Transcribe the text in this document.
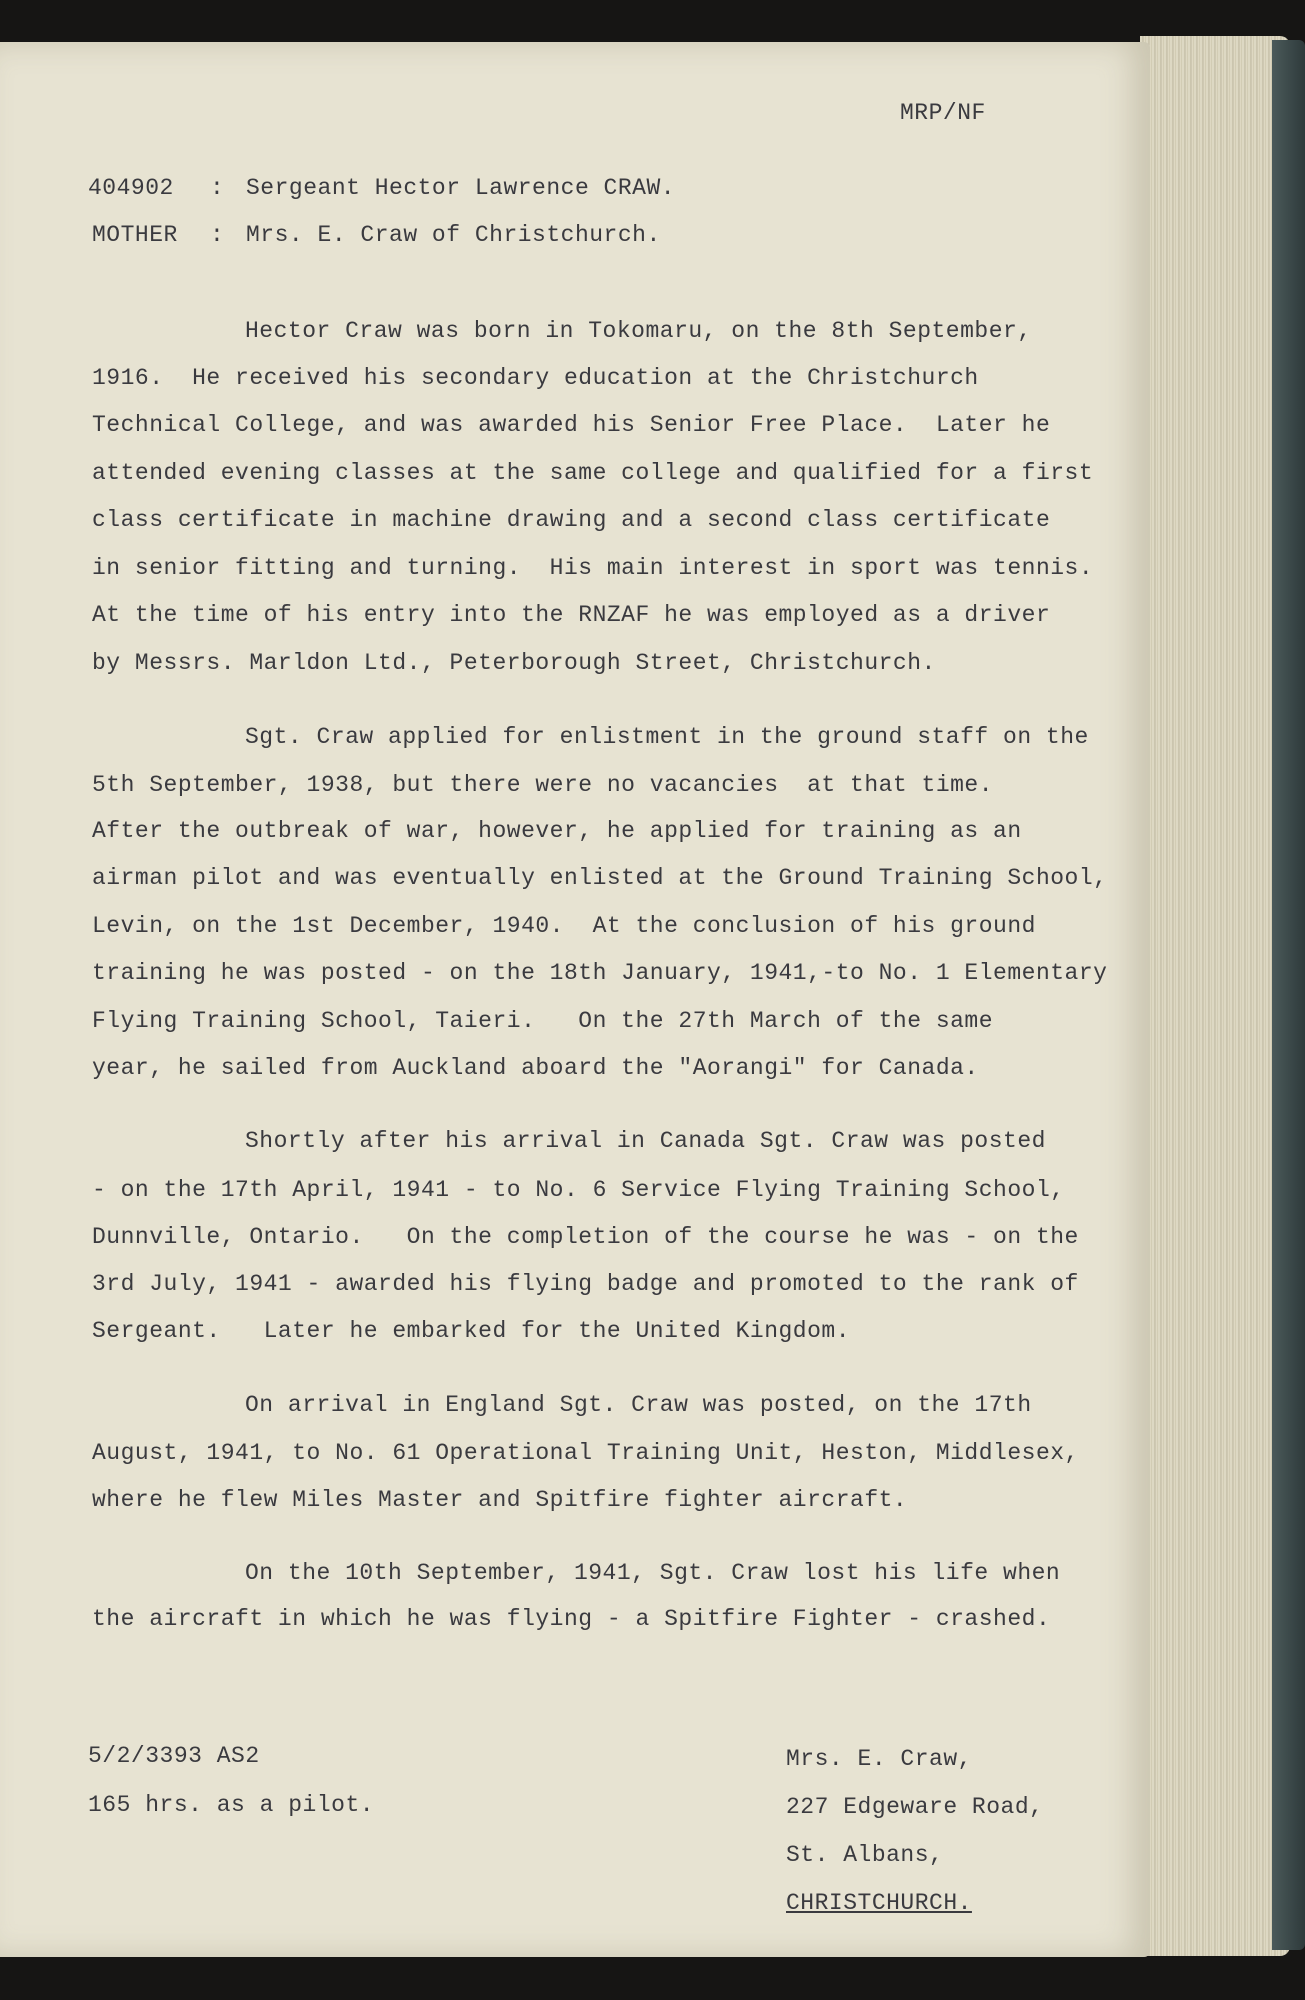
MRP/NF

404902 : Sergeant Hector Lawrence CRAW.

MOTHER : Mrs. E. Craw of Christchurch.

Hector Craw was born in Tokomaru, on the 8th September,

1916.  He received his secondary education at the Christchurch

Technical College, and was awarded his Senior Free Place.  Later he

attended evening classes at the same college and qualified for a first

class certificate in machine drawing and a second class certificate

in senior fitting and turning.  His main interest in sport was tennis.

At the time of his entry into the RNZAF he was employed as a driver

by Messrs. Marldon Ltd., Peterborough Street, Christchurch.

Sgt. Craw applied for enlistment in the ground staff on the

5th September, 1938, but there were no vacancies  at that time.

After the outbreak of war, however, he applied for training as an

airman pilot and was eventually enlisted at the Ground Training School,

Levin, on the 1st December, 1940.  At the conclusion of his ground

training he was posted - on the 18th January, 1941,-to No. 1 Elementary

Flying Training School, Taieri.   On the 27th March of the same

year, he sailed from Auckland aboard the "Aorangi" for Canada.

Shortly after his arrival in Canada Sgt. Craw was posted

- on the 17th April, 1941 - to No. 6 Service Flying Training School,

Dunnville, Ontario.   On the completion of the course he was - on the

3rd July, 1941 - awarded his flying badge and promoted to the rank of

Sergeant.   Later he embarked for the United Kingdom.

On arrival in England Sgt. Craw was posted, on the 17th

August, 1941, to No. 61 Operational Training Unit, Heston, Middlesex,

where he flew Miles Master and Spitfire fighter aircraft.

On the 10th September, 1941, Sgt. Craw lost his life when

the aircraft in which he was flying - a Spitfire Fighter - crashed.

5/2/3393 AS2

165 hrs. as a pilot.

Mrs. E. Craw,

227 Edgeware Road,

St. Albans,

CHRISTCHURCH.
